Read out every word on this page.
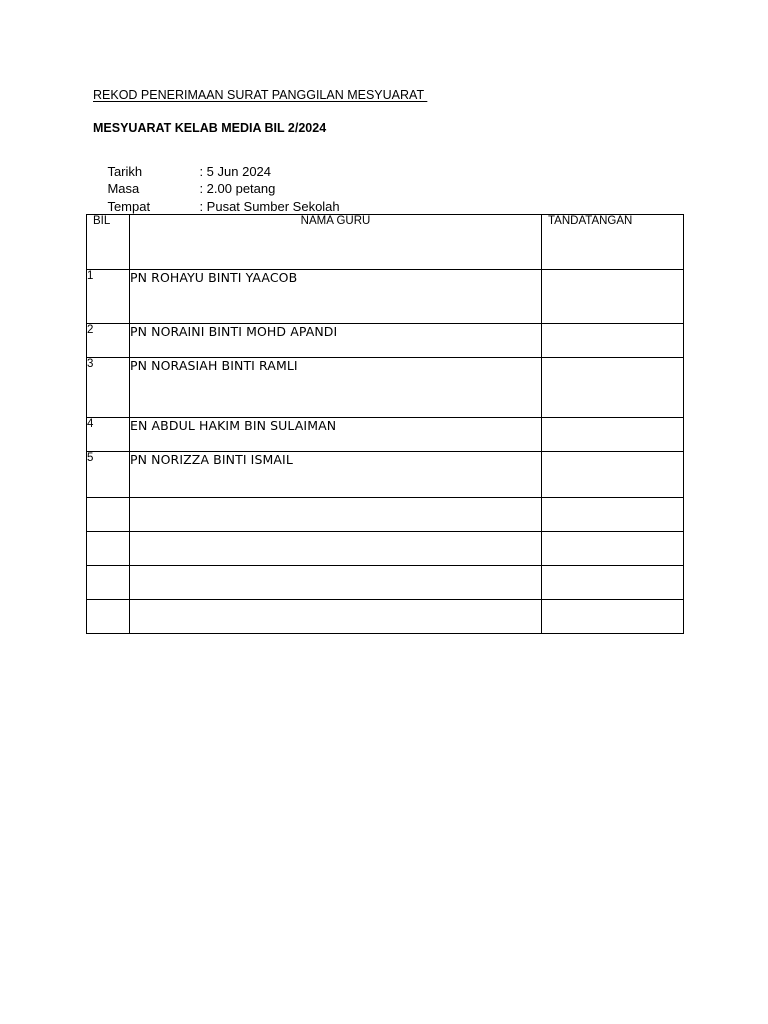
REKOD PENERIMAAN SURAT PANGGILAN MESYUARAT
MESYUARAT KELAB MEDIA BIL 2/2024

Tarikh	: 5 Jun 2024

Masa	: 2.00 petang

Tempat	: Pusat Sumber Sekolah

BIL	NAMA GURU	TANDATANGAN
1	PN ROHAYU BINTI YAACOB	
2	PN NORAINI BINTI MOHD APANDI	
3	PN NORASIAH BINTI RAMLI	
4	EN ABDUL HAKIM BIN SULAIMAN	
5	PN NORIZZA BINTI ISMAIL	
